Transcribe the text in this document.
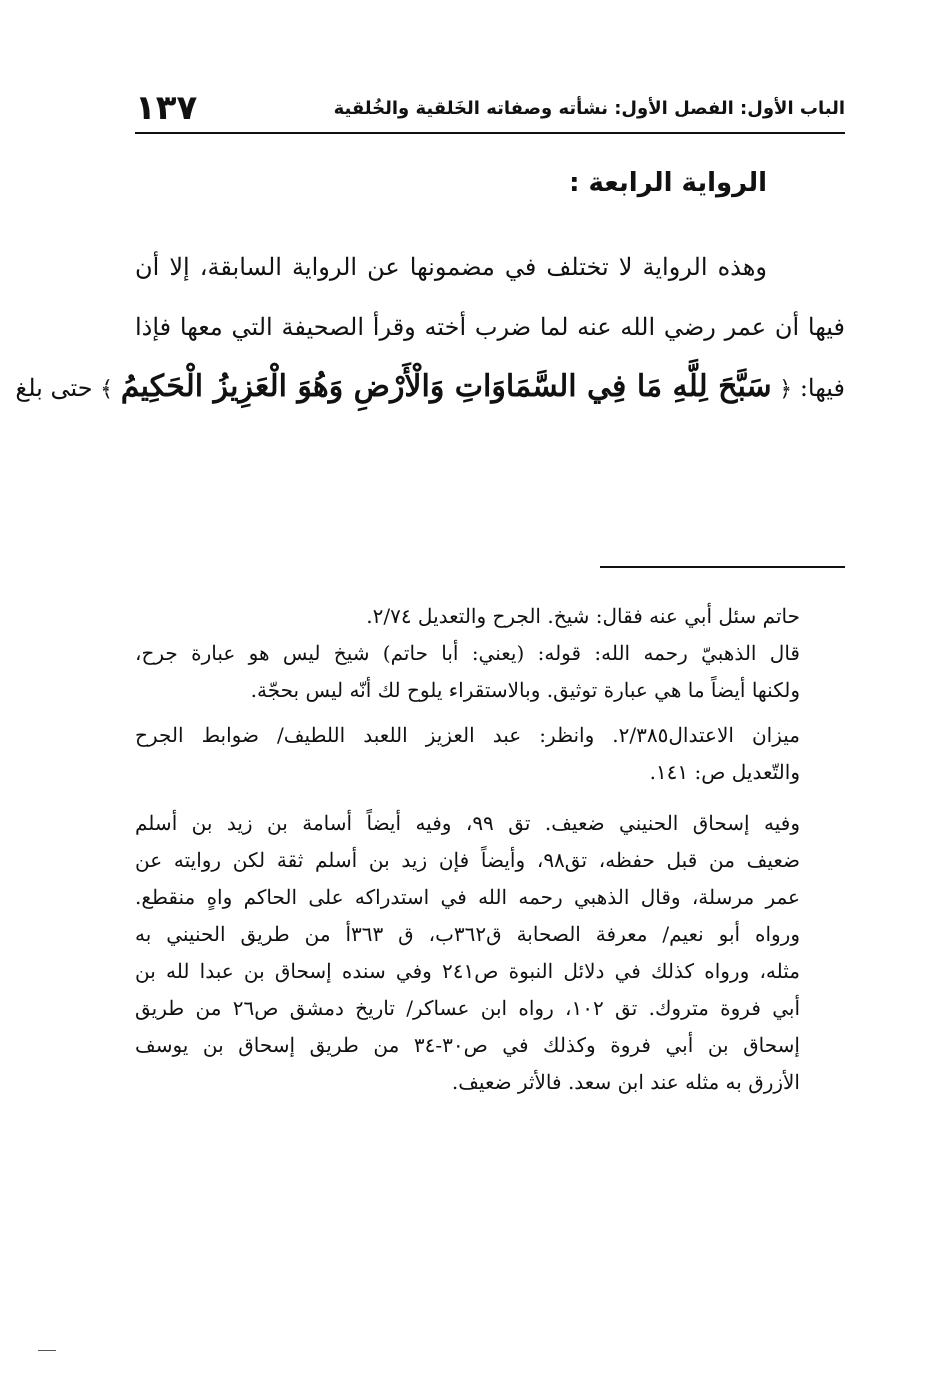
الباب الأول: الفصل الأول: نشأته وصفاته الخَلقية والخُلقية
١٣٧
الرواية الرابعة :
وهذه الرواية لا تختلف في مضمونها عن الرواية السابقة، إلا أن
فيها أن عمر رضي الله عنه لما ضرب أخته وقرأ الصحيفة التي معها فإذا
فيها: ﴿ سَبَّحَ لِلَّهِ مَا فِي السَّمَاوَاتِ وَالْأَرْضِ وَهُوَ الْعَزِيزُ الْحَكِيمُ ﴾ حتى بلغ
حاتم سئل أبي عنه فقال: شيخ. الجرح والتعديل ٢/٧٤.
قال الذهبيّ رحمه الله: قوله: (يعني: أبا حاتم) شيخ ليس هو عبارة جرح،
ولكنها أيضاً ما هي عبارة توثيق. وبالاستقراء يلوح لك أنّه ليس بحجّة.
ميزان الاعتدال٢/٣٨٥. وانظر: عبد العزيز اللعبد اللطيف/ ضوابط الجرح
والتّعديل ص: ١٤١.
وفيه إسحاق الحنيني ضعيف. تق ٩٩، وفيه أيضاً أسامة بن زيد بن أسلم
ضعيف من قبل حفظه، تق٩٨، وأيضاً فإن زيد بن أسلم ثقة لكن روايته عن
عمر مرسلة، وقال الذهبي رحمه الله في استدراكه على الحاكم واهٍ منقطع.
ورواه أبو نعيم/ معرفة الصحابة ق٣٦٢ب، ق ٣٦٣أ من طريق الحنيني به
مثله، ورواه كذلك في دلائل النبوة ص٢٤١ وفي سنده إسحاق بن عبدا لله بن
أبي فروة متروك. تق ١٠٢، رواه ابن عساكر/ تاريخ دمشق ص٢٦ من طريق
إسحاق بن أبي فروة وكذلك في ص٣٠-٣٤ من طريق إسحاق بن يوسف
الأزرق به مثله عند ابن سعد. فالأثر ضعيف.
